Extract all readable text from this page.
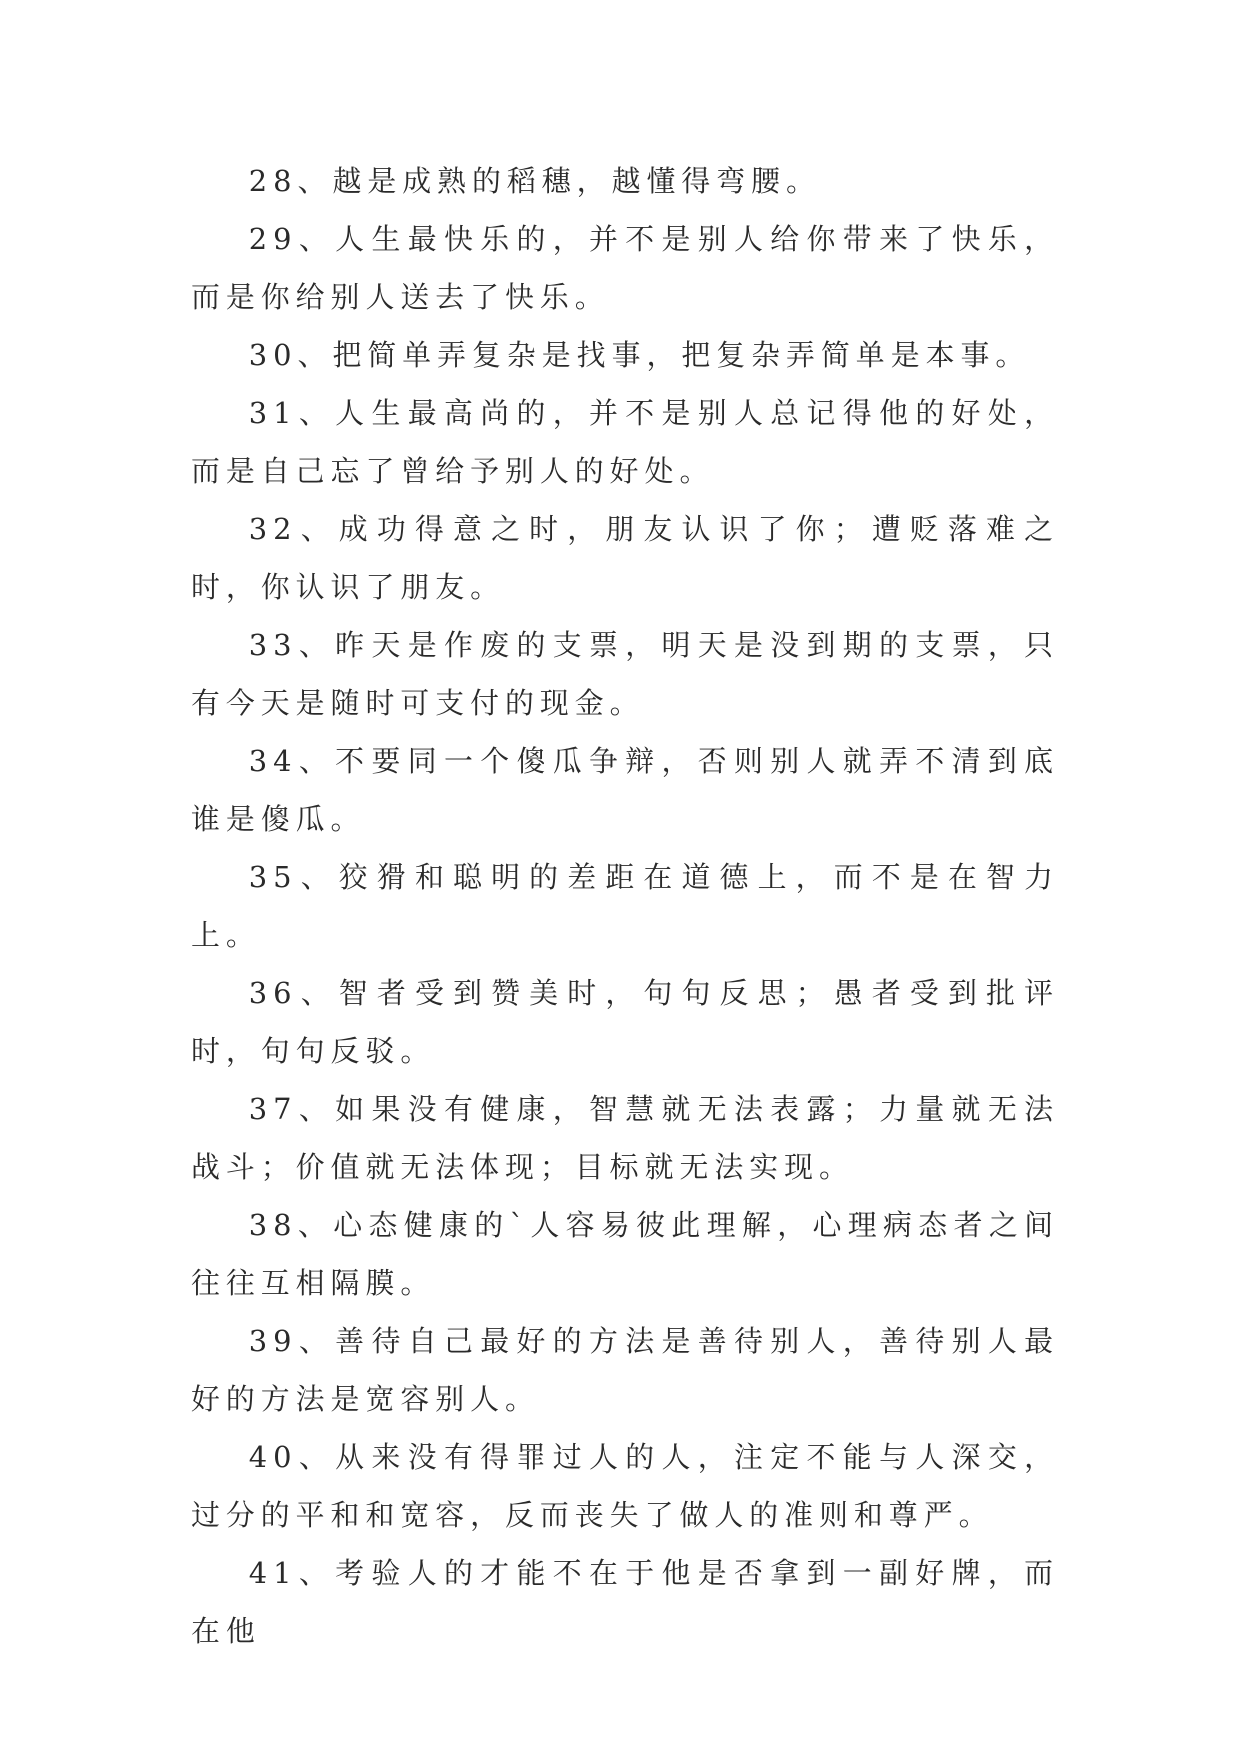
28、越是成熟的稻穗，越懂得弯腰。

29、人生最快乐的，并不是别人给你带来了快乐，而是你给别人送去了快乐。

30、把简单弄复杂是找事，把复杂弄简单是本事。

31、人生最高尚的，并不是别人总记得他的好处，而是自己忘了曾给予别人的好处。

32、成功得意之时，朋友认识了你；遭贬落难之时，你认识了朋友。

33、昨天是作废的支票，明天是没到期的支票，只有今天是随时可支付的现金。

34、不要同一个傻瓜争辩，否则别人就弄不清到底谁是傻瓜。

35、狡猾和聪明的差距在道德上，而不是在智力上。

36、智者受到赞美时，句句反思；愚者受到批评时，句句反驳。

37、如果没有健康，智慧就无法表露；力量就无法战斗；价值就无法体现；目标就无法实现。

38、心态健康的`人容易彼此理解，心理病态者之间往往互相隔膜。

39、善待自己最好的方法是善待别人，善待别人最好的方法是宽容别人。

40、从来没有得罪过人的人，注定不能与人深交，过分的平和和宽容，反而丧失了做人的准则和尊严。

41、考验人的才能不在于他是否拿到一副好牌，而在他
